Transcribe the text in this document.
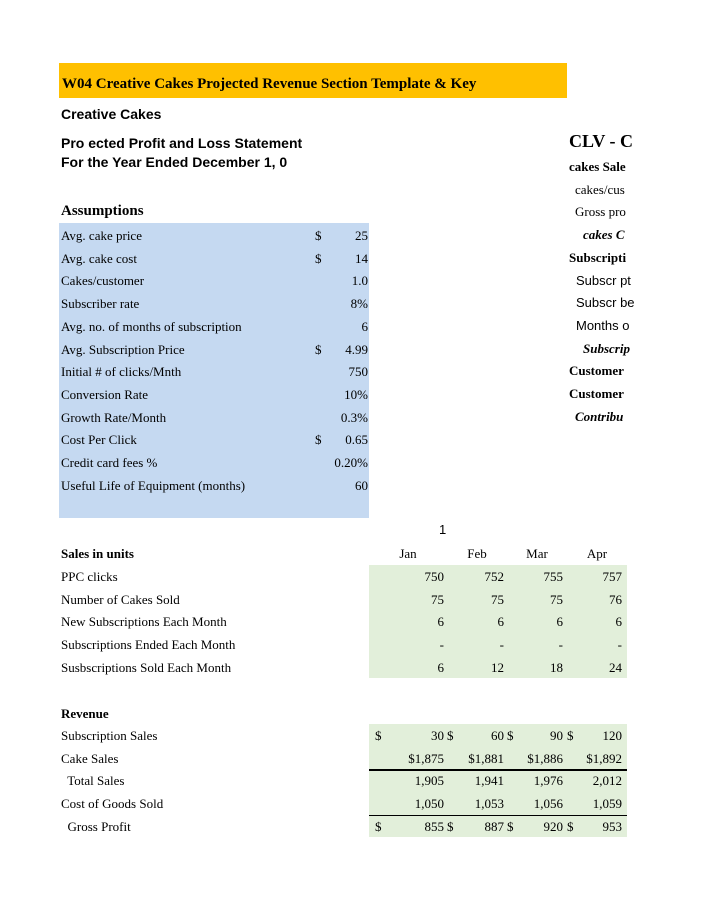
W04 Creative Cakes Projected Revenue Section Template & Key
Creative Cakes
Pro ected Profit and Loss Statement
For the Year Ended December 1, 0
Assumptions
Avg. cake price	$	25
Avg. cake cost	$	14
Cakes/customer	1.0
Subscriber rate	8%
Avg. no. of months of subscription	6
Avg. Subscription Price	$	4.99
Initial # of clicks/Mnth	750
Conversion Rate	10%
Growth Rate/Month	0.3%
Cost Per Click	$	0.65
Credit card fees %	0.20%
Useful Life of Equipment (months)	60
CLV - C
cakes Sale
cakes/cus
Gross pro
cakes C
Subscripti
Subscr pt
Subscr be
Months o
Subscrip
Customer
Customer
Contribu
1
Sales in units	Jan	Feb	Mar	Apr
PPC clicks	750	752	755	757
Number of Cakes Sold	75	75	75	76
New Subscriptions Each Month	6	6	6	6
Subscriptions Ended Each Month	-	-	-	-
Susbscriptions Sold Each Month	6	12	18	24
Revenue
Subscription Sales	$	30 $	60 $	90 $	120
Cake Sales	$1,875	$1,881	$1,886	$1,892
Total Sales	1,905	1,941	1,976	2,012
Cost of Goods Sold	1,050	1,053	1,056	1,059
Gross Profit	$	855 $	887 $	920 $	953
